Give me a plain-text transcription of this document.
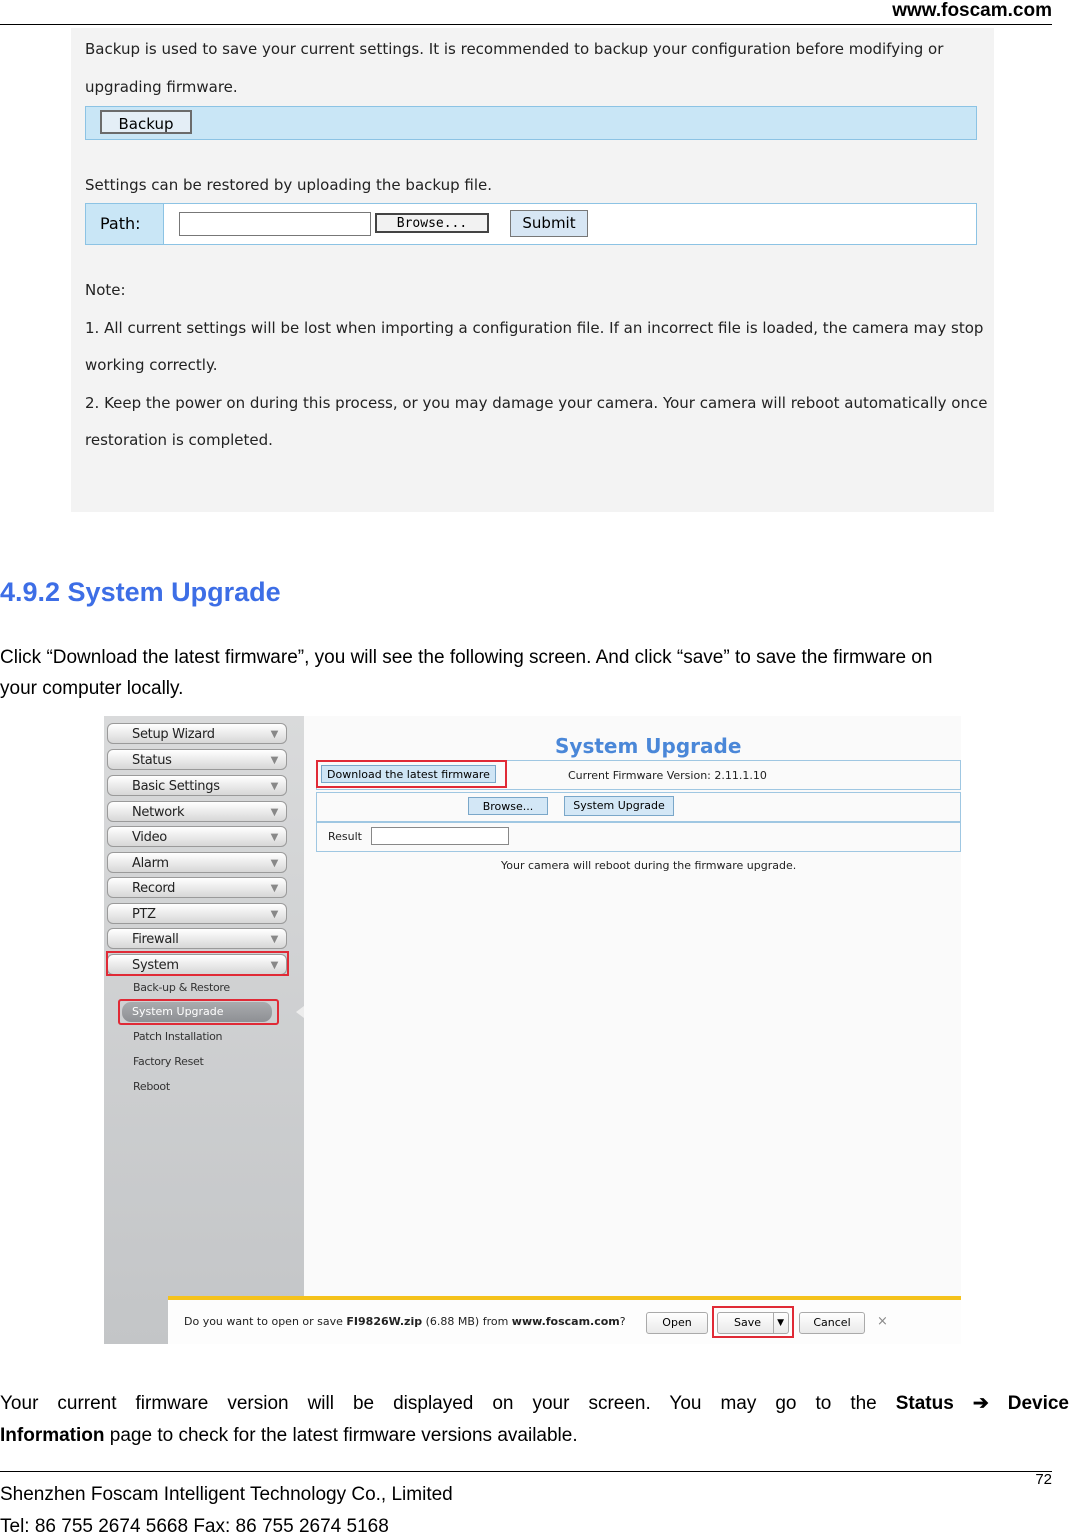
www.foscam.com
Backup is used to save your current settings. It is recommended to backup your configuration before modifying or
upgrading firmware.
Backup
Settings can be restored by uploading the backup file.
Path:	Browse...	Submit
Note:
1. All current settings will be lost when importing a configuration file. If an incorrect file is loaded, the camera may stop
working correctly.
2. Keep the power on during this process, or you may damage your camera. Your camera will reboot automatically once
restoration is completed.
4.9.2 System Upgrade
Click “Download the latest firmware”, you will see the following screen. And click “save” to save the firmware on
your computer locally.
Setup Wizard	▼
Status	▼
Basic Settings	▼
Network	▼
Video	▼
Alarm	▼
Record	▼
PTZ	▼
Firewall	▼
System	▼
Back-up & Restore
System Upgrade
Patch Installation
Factory Reset
Reboot
System Upgrade
Download the latest firmware	Current Firmware Version: 2.11.1.10
Browse...	System Upgrade
Result
Your camera will reboot during the firmware upgrade.
Do you want to open or save FI9826W.zip (6.88 MB) from www.foscam.com?	Open	Save	▼	Cancel	×
Your current firmware version will be displayed on your screen. You may go to the Status ➔ Device
Information page to check for the latest firmware versions available.
72
Shenzhen Foscam Intelligent Technology Co., Limited
Tel: 86 755 2674 5668 Fax: 86 755 2674 5168
